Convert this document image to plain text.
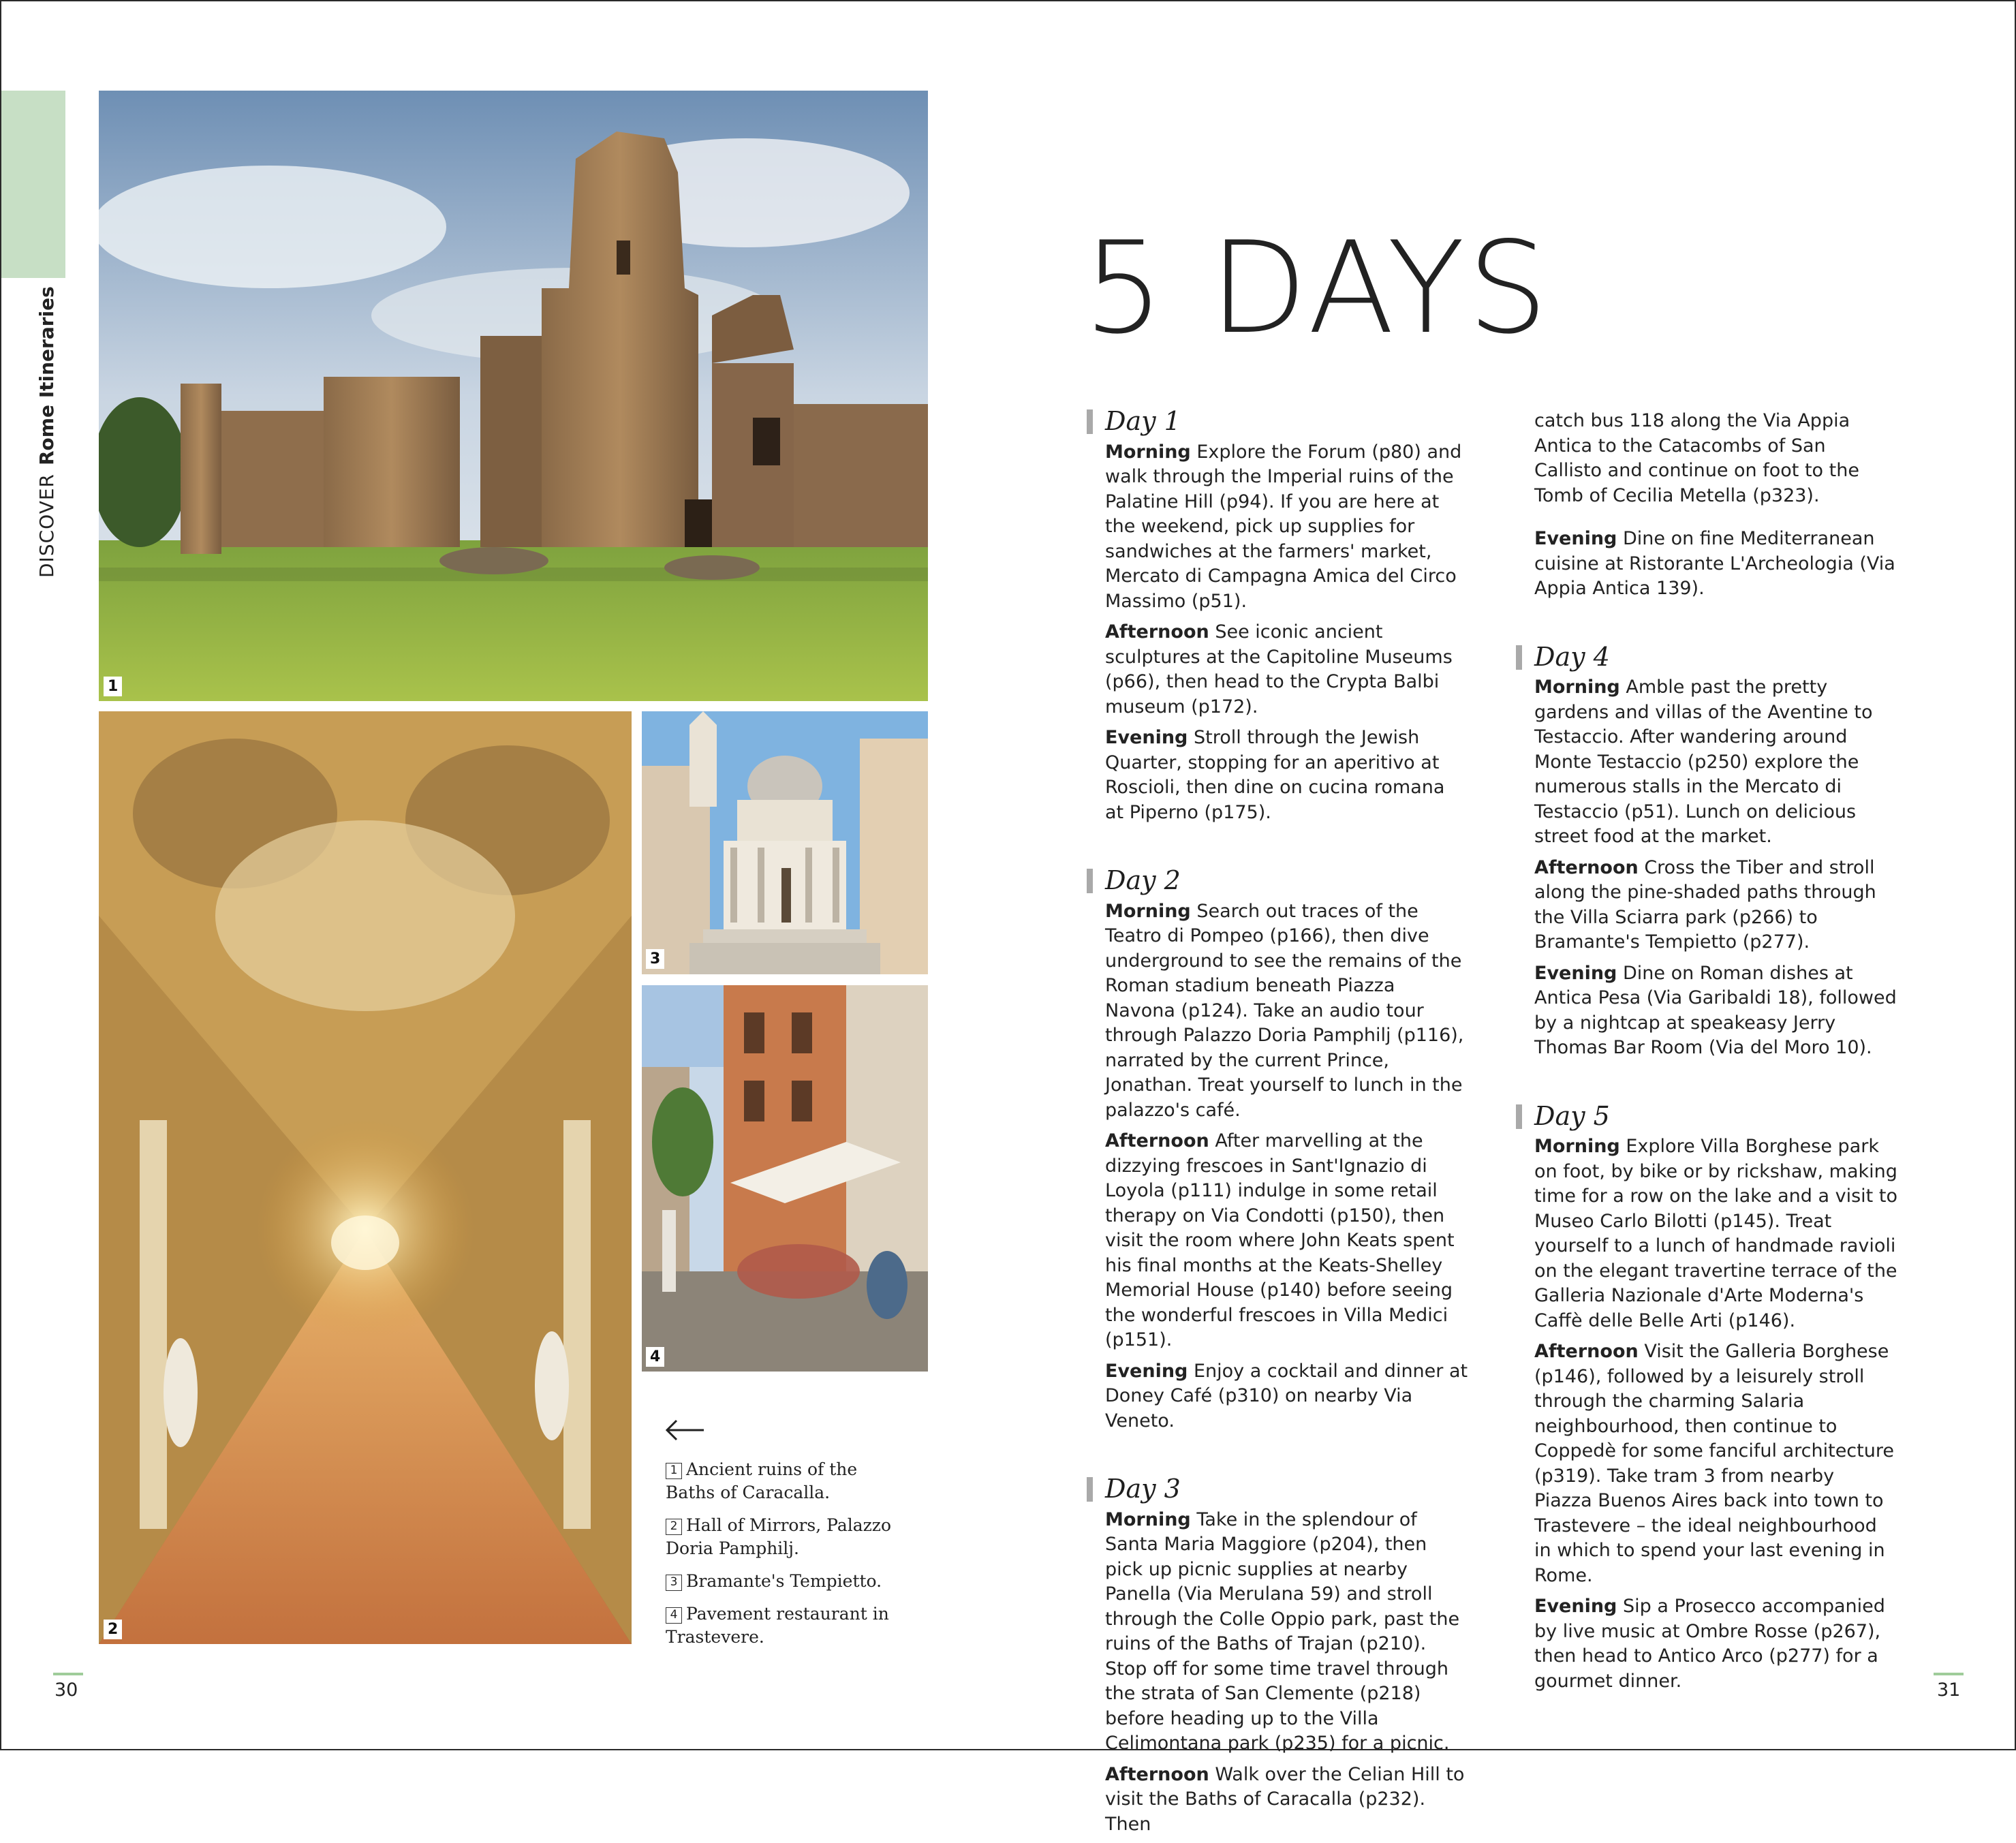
DISCOVERRome Itineraries
1
2
3
4
1 Ancient ruins of the Baths of Caracalla.
2 Hall of Mirrors, Palazzo Doria Pamphilj.
3 Bramante's Tempietto.
4 Pavement restaurant in Trastevere.
5 DAYS
Day 1

Morning Explore the Forum (p80) and walk through the Imperial ruins of the Palatine Hill (p94). If you are here at the weekend, pick up supplies for sandwiches at the farmers' market, Mercato di Campagna Amica del Circo Massimo (p51).

Afternoon See iconic ancient sculptures at the Capitoline Museums (p66), then head to the Crypta Balbi museum (p172).

Evening Stroll through the Jewish Quarter, stopping for an aperitivo at Roscioli, then dine on cucina romana at Piperno (p175).

Day 2

Morning Search out traces of the Teatro di Pompeo (p166), then dive underground to see the remains of the Roman stadium beneath Piazza Navona (p124). Take an audio tour through Palazzo Doria Pamphilj (p116), narrated by the current Prince, Jonathan. Treat yourself to lunch in the palazzo's café.

Afternoon After marvelling at the dizzying frescoes in Sant'Ignazio di Loyola (p111) indulge in some retail therapy on Via Condotti (p150), then visit the room where John Keats spent his final months at the Keats-Shelley Memorial House (p140) before seeing the wonderful frescoes in Villa Medici (p151).

Evening Enjoy a cocktail and dinner at Doney Café (p310) on nearby Via Veneto.

Day 3

Morning Take in the splendour of Santa Maria Maggiore (p204), then pick up picnic supplies at nearby Panella (Via Merulana 59) and stroll through the Colle Oppio park, past the ruins of the Baths of Trajan (p210). Stop off for some time travel through the strata of San Clemente (p218) before heading up to the Villa Celimontana park (p235) for a picnic.

Afternoon Walk over the Celian Hill to visit the Baths of Caracalla (p232). Then

catch bus 118 along the Via Appia Antica to the Catacombs of San Callisto and continue on foot to the Tomb of Cecilia Metella (p323).

Evening Dine on fine Mediterranean cuisine at Ristorante L'Archeologia (Via Appia Antica 139).

Day 4

Morning Amble past the pretty gardens and villas of the Aventine to Testaccio. After wandering around Monte Testaccio (p250) explore the numerous stalls in the Mercato di Testaccio (p51). Lunch on delicious street food at the market.

Afternoon Cross the Tiber and stroll along the pine-shaded paths through the Villa Sciarra park (p266) to Bramante's Tempietto (p277).

Evening Dine on Roman dishes at Antica Pesa (Via Garibaldi 18), followed by a nightcap at speakeasy Jerry Thomas Bar Room (Via del Moro 10).

Day 5

Morning Explore Villa Borghese park on foot, by bike or by rickshaw, making time for a row on the lake and a visit to Museo Carlo Bilotti (p145). Treat yourself to a lunch of handmade ravioli on the elegant travertine terrace of the Galleria Nazionale d'Arte Moderna's Caffè delle Belle Arti (p146).

Afternoon Visit the Galleria Borghese (p146), followed by a leisurely stroll through the charming Salaria neighbourhood, then continue to Coppedè for some fanciful architecture (p319). Take tram 3 from nearby Piazza Buenos Aires back into town to Trastevere – the ideal neighbourhood in which to spend your last evening in Rome.

Evening Sip a Prosecco accompanied by live music at Ombre Rosse (p267), then head to Antico Arco (p277) for a gourmet dinner.

30	31
